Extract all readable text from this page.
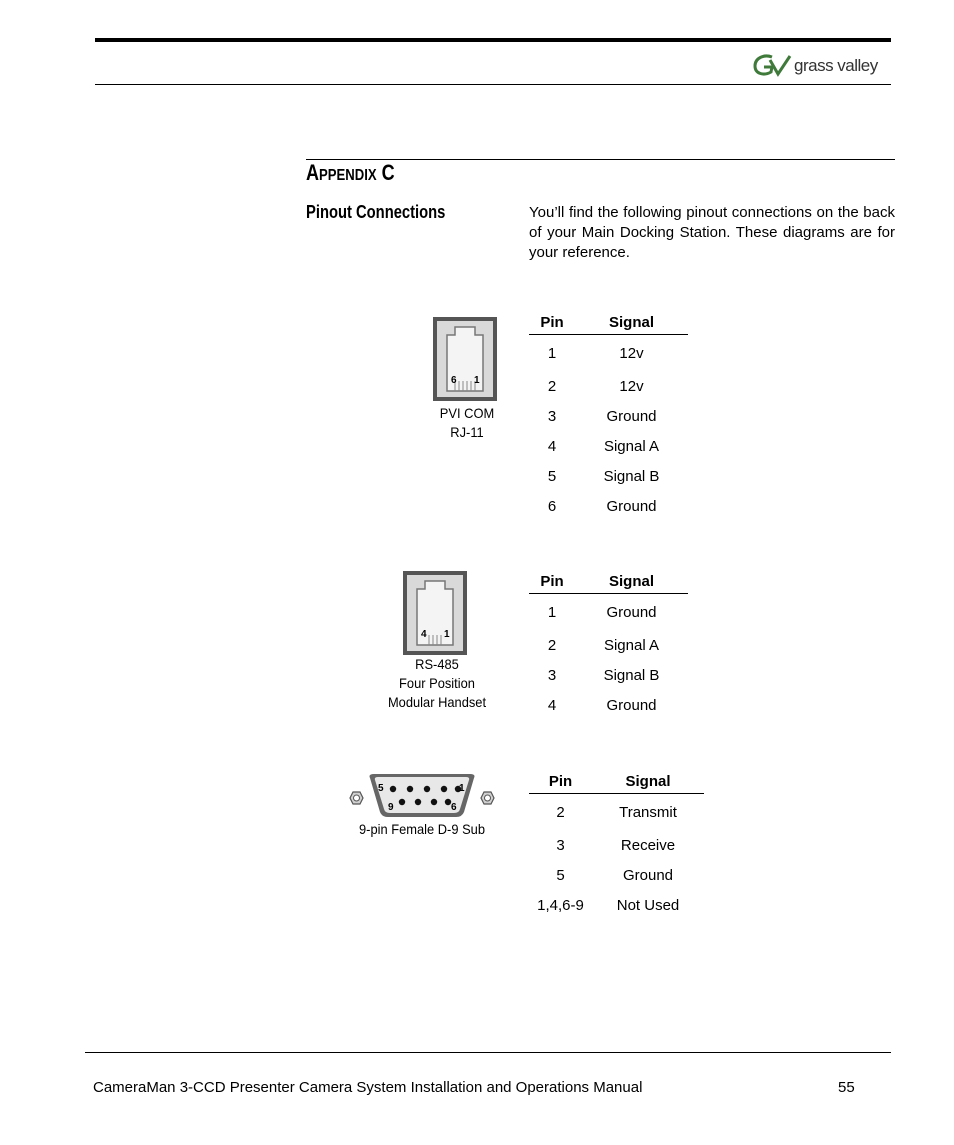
grass valley
APPENDIX C
Pinout Connections	You’ll find the following pinout connections on the back of your Main Docking Station. These diagrams are for your reference.
6 1
PVI COM
RJ-11
Pin	Signal
1	12v
2	12v
3	Ground
4	Signal A
5	Signal B
6	Ground
4 1
RS-485
Four Position
Modular Handset
Pin	Signal
1	Ground
2	Signal A
3	Signal B
4	Ground
5	1
9	6
9-pin Female D-9 Sub
Pin	Signal
2	Transmit
3	Receive
5	Ground
1,4,6-9	Not Used
CameraMan 3-CCD Presenter Camera System Installation and Operations Manual	55
